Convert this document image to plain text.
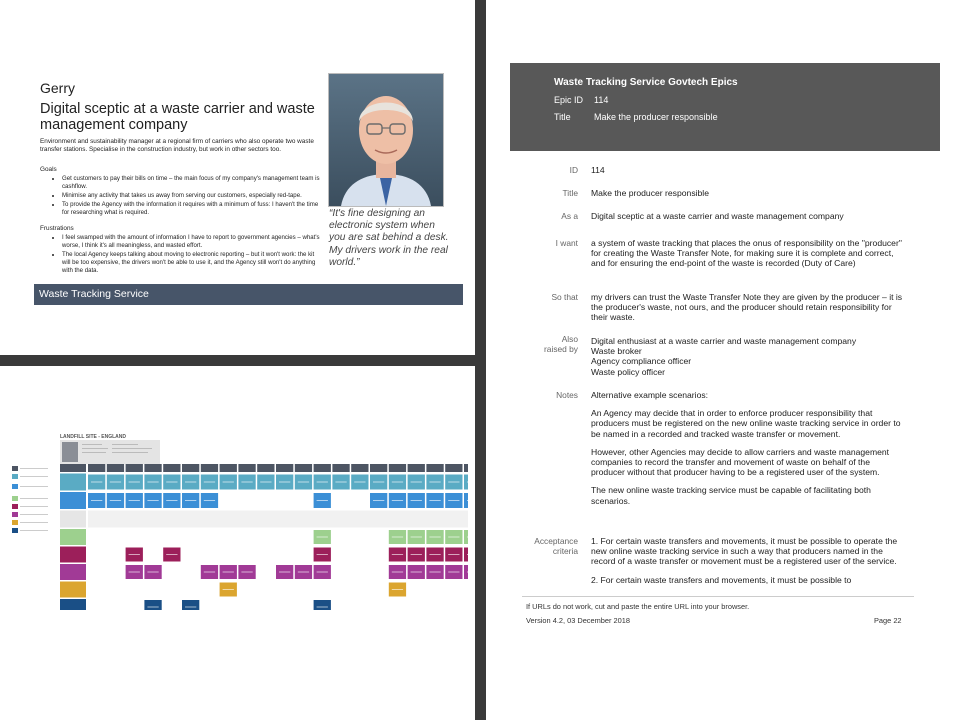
Gerry
Digital sceptic at a waste carrier and waste management company
Environment and sustainability manager at a regional firm of carriers who also operate two waste transfer stations. Specialise in the construction industry, but work in other sectors too.
Goals
• Get customers to pay their bills on time – the main focus of my company's management team is cashflow.
• Minimise any activity that takes us away from serving our customers, especially red-tape.
• To provide the Agency with the information it requires with a minimum of fuss: I haven't the time for researching what is required.
Frustrations
• I feel swamped with the amount of information I have to report to government agencies – what's worse, I think it's all meaningless, and wasted effort.
• The local Agency keeps talking about moving to electronic reporting – but it won't work: the kit will be too expensive, the drivers won't be able to use it, and the Agency still won't do anything with the data.
“It's fine designing an electronic system when you are sat behind a desk. My drivers work in the real world.”
Waste Tracking Service
Waste Tracking Service Govtech Epics
Epic ID 114
Title	Make the producer responsible
ID 114
Title Make the producer responsible
As a Digital sceptic at a waste carrier and waste management company
I want a system of waste tracking that places the onus of responsibility on the "producer" for creating the Waste Transfer Note, for making sure it is complete and correct, and for ensuring the end-point of the waste is recorded (Duty of Care)
So that my drivers can trust the Waste Transfer Note they are given by the producer – it is the producer's waste, not ours, and the producer should retain responsibility for their waste.
Also
raised by
Digital enthusiast at a waste carrier and waste management company
Waste broker
Agency compliance officer
Waste policy officer
Notes Alternative example scenarios:

An Agency may decide that in order to enforce producer responsibility that producers must be registered on the new online waste tracking service in order to be named in a recorded and tracked waste transfer or movement.

However, other Agencies may decide to allow carriers and waste management companies to record the transfer and movement of waste on behalf of the producer without that producer having to be a registered user of the system.

The new online waste tracking service must be capable of facilitating both scenarios.

Acceptance
criteria

1. For certain waste transfers and movements, it must be possible to operate the new online waste tracking service in such a way that producers named in the record of a waste transfer or movement must be a registered user of the service.

2. For certain waste transfers and movements, it must be possible to

If URLs do not work, cut and paste the entire URL into your browser.
Version 4.2, 03 December 2018	Page 22
LANDFILL SITE - ENGLAND
